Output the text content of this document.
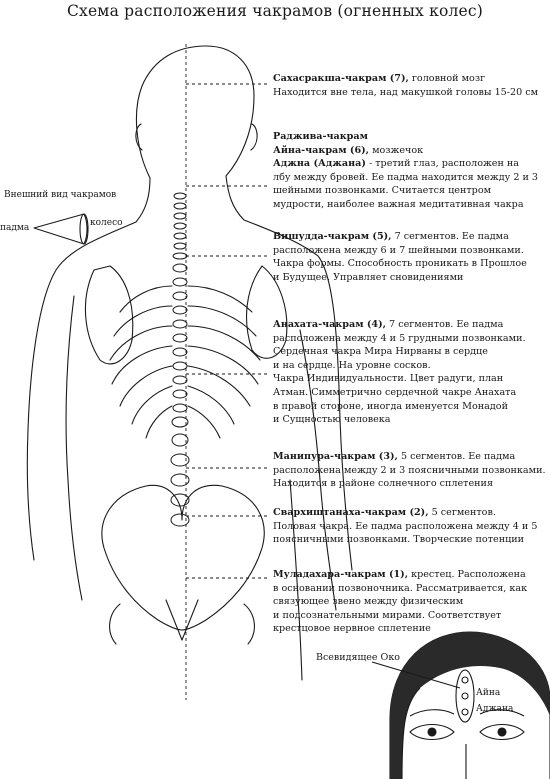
Схема расположения чакрамов (огненных колес)
Внешний вид чакрамов
падма	колесо
Сахасракша-чакрам (7), головной мозг
Находится вне тела, над макушкой головы 15-20 см
Раджива-чакрам
Айна-чакрам (6), мозжечок
Аджна (Аджана) - третий глаз, расположен на
лбу между бровей. Ее падма находится между 2 и 3
шейными позвонками. Считается центром
мудрости, наиболее важная медитативная чакра
Вишудда-чакрам (5), 7 сегментов. Ее падма
расположена между 6 и 7 шейными позвонками.
Чакра формы. Способность проникать в Прошлое
и Будущее. Управляет сновидениями
Анахата-чакрам (4), 7 сегментов. Ее падма
расположена между 4 и 5 грудными позвонками.
Сердечная чакра Мира Нирваны в сердце
и на сердце. На уровне сосков.
Чакра Индивидуальности. Цвет радуги, план
Атман. Симметрично сердечной чакре Анахата
в правой стороне, иногда именуется Монадой
и Сущностью человека
Манипура-чакрам (3), 5 сегментов. Ее падма
расположена между 2 и 3 поясничными позвонками.
Находится в районе солнечного сплетения
Свархиштанаха-чакрам (2), 5 сегментов.
Половая чакра. Ее падма расположена между 4 и 5
поясничными позвонками. Творческие потенции
Муладахара-чакрам (1), крестец. Расположена
в основании позвоночника. Рассматривается, как
связующее звено между физическим
и подсознательными мирами. Соответствует
крестцовое нервное сплетение
Всевидящее Око
Раджива
Айна
Аджана
